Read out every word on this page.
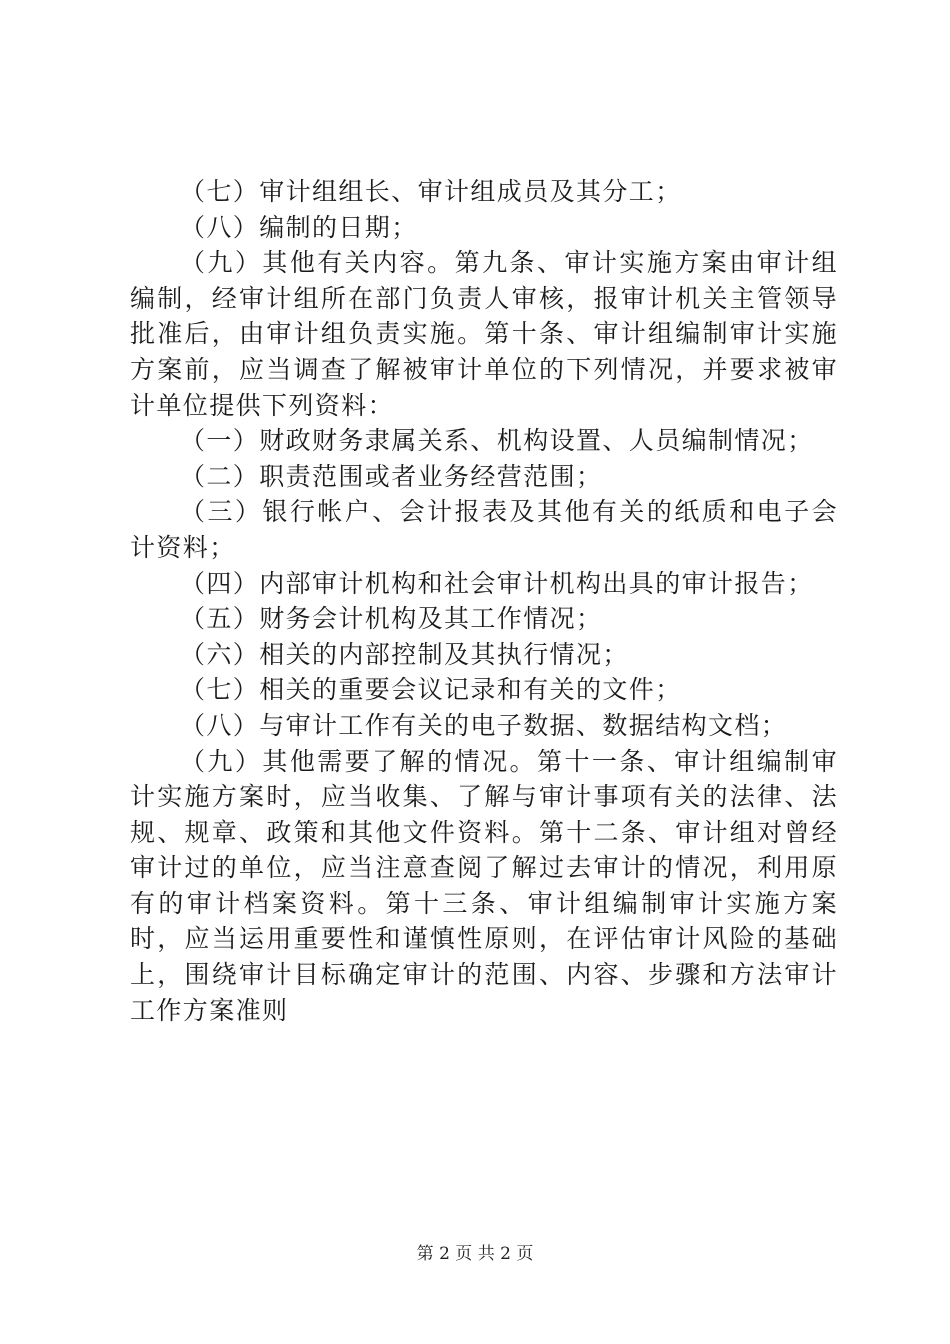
（七）审计组组长、审计组成员及其分工；

（八）编制的日期；

（九）其他有关内容。第九条、审计实施方案由审计组编制，经审计组所在部门负责人审核，报审计机关主管领导批准后，由审计组负责实施。第十条、审计组编制审计实施方案前，应当调查了解被审计单位的下列情况，并要求被审计单位提供下列资料：

（一）财政财务隶属关系、机构设置、人员编制情况；

（二）职责范围或者业务经营范围；

（三）银行帐户、会计报表及其他有关的纸质和电子会计资料；

（四）内部审计机构和社会审计机构出具的审计报告；

（五）财务会计机构及其工作情况；

（六）相关的内部控制及其执行情况；

（七）相关的重要会议记录和有关的文件；

（八）与审计工作有关的电子数据、数据结构文档；

（九）其他需要了解的情况。第十一条、审计组编制审计实施方案时，应当收集、了解与审计事项有关的法律、法规、规章、政策和其他文件资料。第十二条、审计组对曾经审计过的单位，应当注意查阅了解过去审计的情况，利用原有的审计档案资料。第十三条、审计组编制审计实施方案时，应当运用重要性和谨慎性原则，在评估审计风险的基础上，围绕审计目标确定审计的范围、内容、步骤和方法审计工作方案准则

第 2 页 共 2 页
